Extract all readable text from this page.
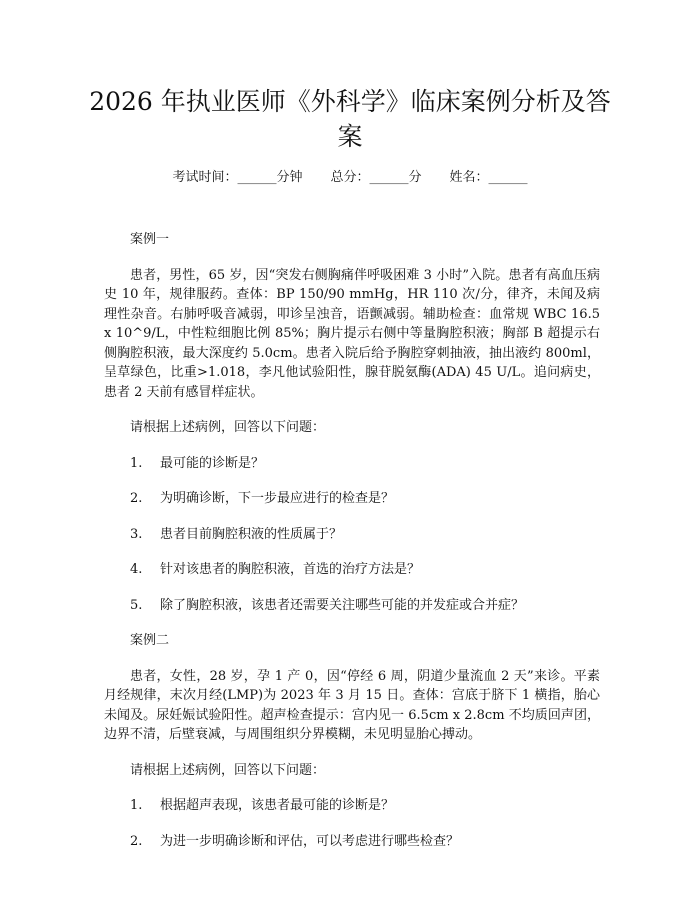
2026 年执业医师《外科学》临床案例分析及答案
考试时间：______分钟 总分：______分 姓名：______
案例一

患者，男性，65 岁，因“突发右侧胸痛伴呼吸困难 3 小时”入院。患者有高血压病史 10 年，规律服药。查体：BP 150/90 mmHg，HR 110 次/分，律齐，未闻及病理性杂音。右肺呼吸音减弱，叩诊呈浊音，语颤减弱。辅助检查：血常规 WBC 16.5 x 10^9/L，中性粒细胞比例 85%；胸片提示右侧中等量胸腔积液；胸部 B 超提示右侧胸腔积液，最大深度约 5.0cm。患者入院后给予胸腔穿刺抽液，抽出液约 800ml，呈草绿色，比重>1.018，李凡他试验阳性，腺苷脱氨酶(ADA) 45 U/L。追问病史，患者 2 天前有感冒样症状。

请根据上述病例，回答以下问题：
1.	最可能的诊断是？
2.	为明确诊断，下一步最应进行的检查是？
3.	患者目前胸腔积液的性质属于？
4.	针对该患者的胸腔积液，首选的治疗方法是？
5.	除了胸腔积液，该患者还需要关注哪些可能的并发症或合并症？
案例二

患者，女性，28 岁，孕 1 产 0，因“停经 6 周，阴道少量流血 2 天”来诊。平素月经规律，末次月经(LMP)为 2023 年 3 月 15 日。查体：宫底于脐下 1 横指，胎心未闻及。尿妊娠试验阳性。超声检查提示：宫内见一 6.5cm x 2.8cm 不均质回声团，边界不清，后壁衰减，与周围组织分界模糊，未见明显胎心搏动。

请根据上述病例，回答以下问题：
1.	根据超声表现，该患者最可能的诊断是？
2.	为进一步明确诊断和评估，可以考虑进行哪些检查？
